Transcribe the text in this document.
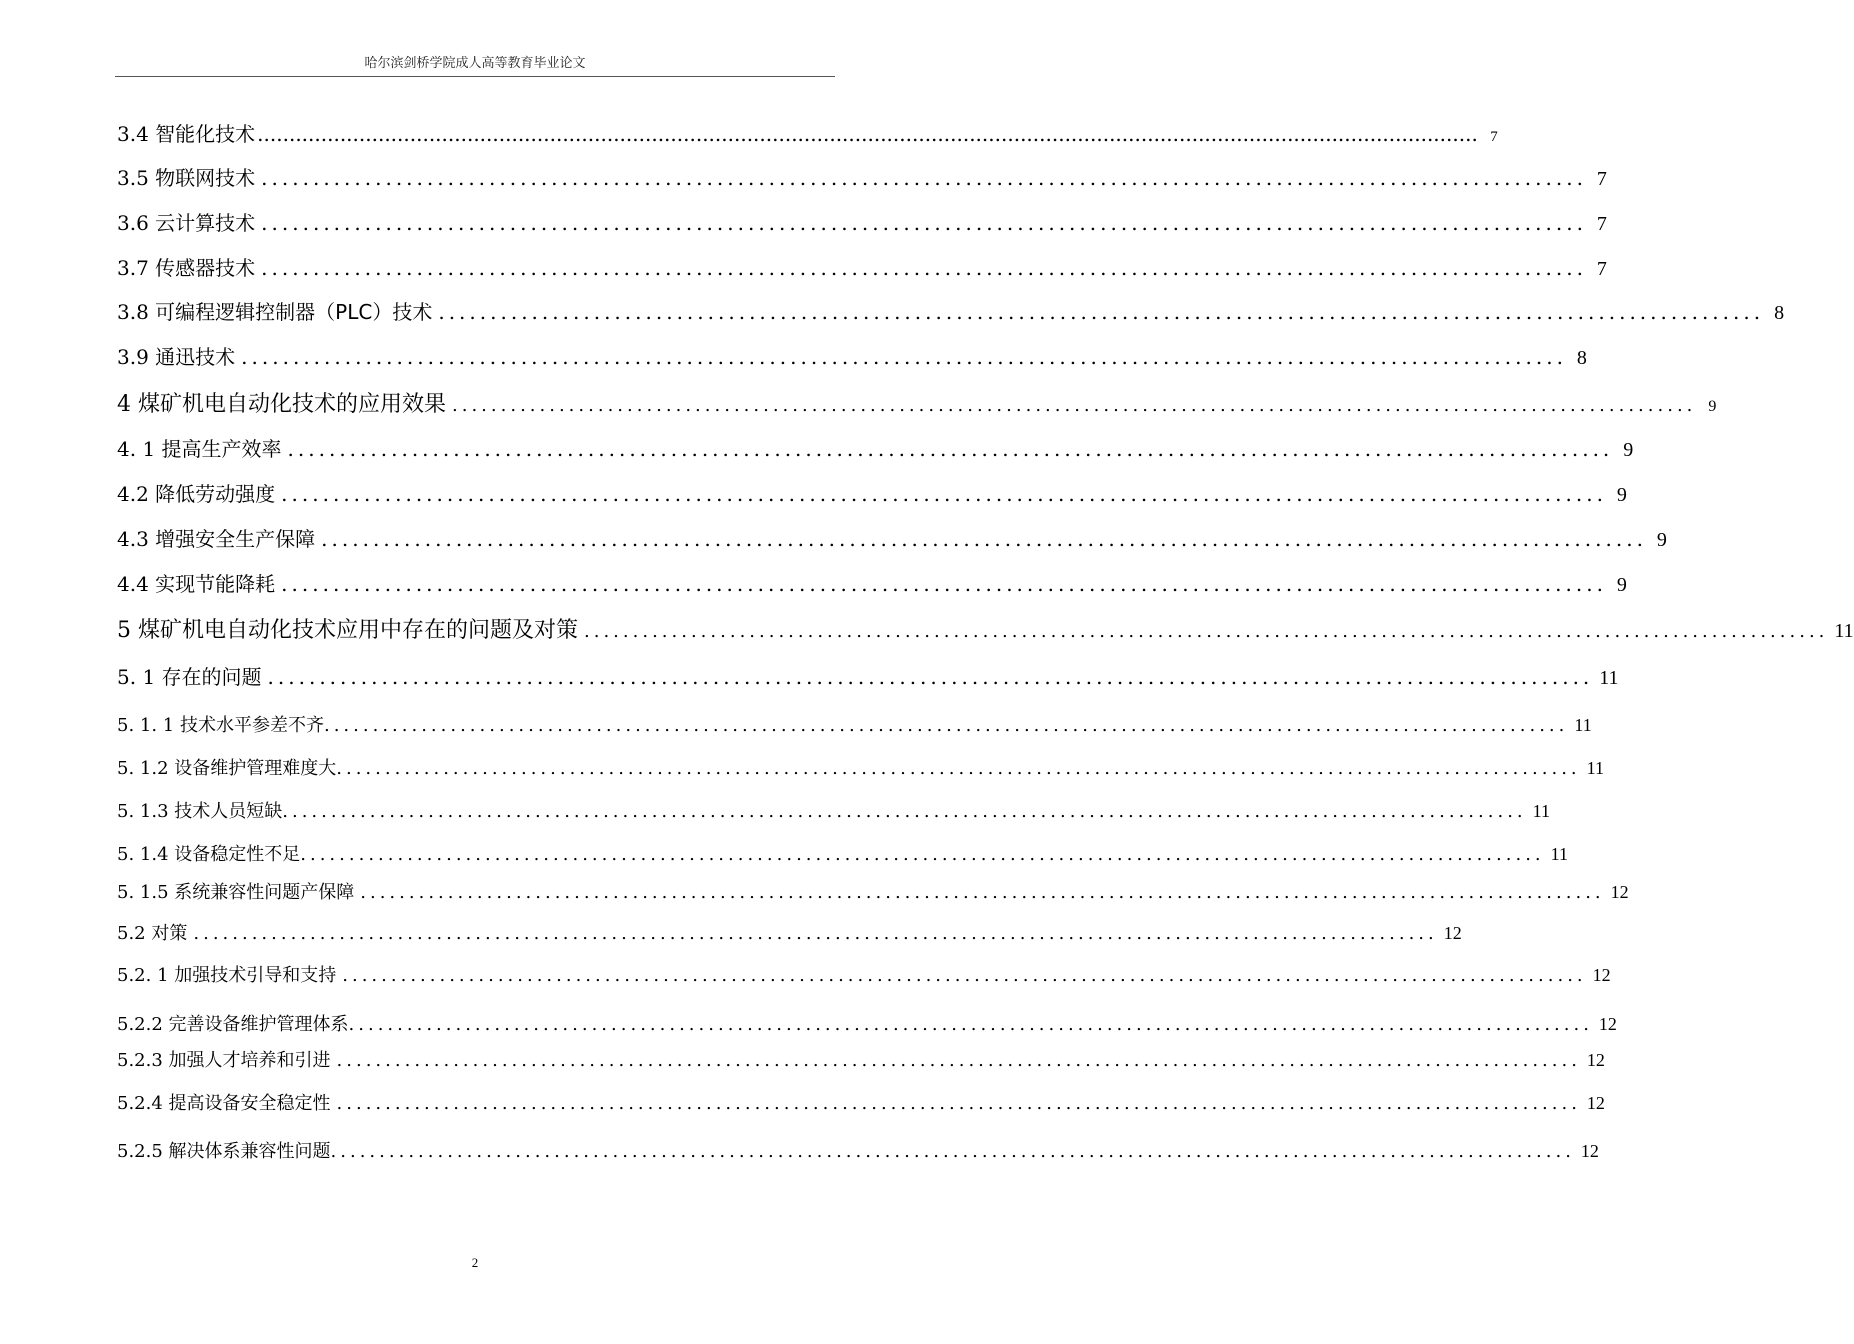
哈尔滨剑桥学院成人高等教育毕业论文
3.4 智能化技术 ................................................................................................................................................................................................ 7
3.5 物联网技术 ................................................................................................................................ 7
3.6 云计算技术 ................................................................................................................................ 7
3.7 传感器技术 ................................................................................................................................ 7
3.8 可编程逻辑控制器（PLC）技术 ................................................................................................................................ 8
3.9 通迅技术 ................................................................................................................................ 8
4 煤矿机电自动化技术的应用效果 ................................................................................................................................ 9
4. 1 提高生产效率 ................................................................................................................................ 9
4.2 降低劳动强度 ................................................................................................................................ 9
4.3 增强安全生产保障 ................................................................................................................................ 9
4.4 实现节能降耗 ................................................................................................................................ 9
5 煤矿机电自动化技术应用中存在的问题及对策 ................................................................................................................................ 11
5. 1 存在的问题 ................................................................................................................................ 11
5. 1. 1 技术水平参差不齐 ................................................................................................................................ 11
5. 1.2 设备维护管理难度大 ................................................................................................................................ 11
5. 1.3 技术人员短缺 ................................................................................................................................ 11
5. 1.4 设备稳定性不足 ................................................................................................................................ 11
5. 1.5 系统兼容性问题产保障 ................................................................................................................................ 12
5.2 对策 ................................................................................................................................ 12
5.2. 1 加强技术引导和支持 ................................................................................................................................ 12
5.2.2 完善设备维护管理体系 ................................................................................................................................ 12
5.2.3 加强人才培养和引进 ................................................................................................................................ 12
5.2.4 提高设备安全稳定性 ................................................................................................................................ 12
5.2.5 解决体系兼容性问题 ................................................................................................................................ 12
2
